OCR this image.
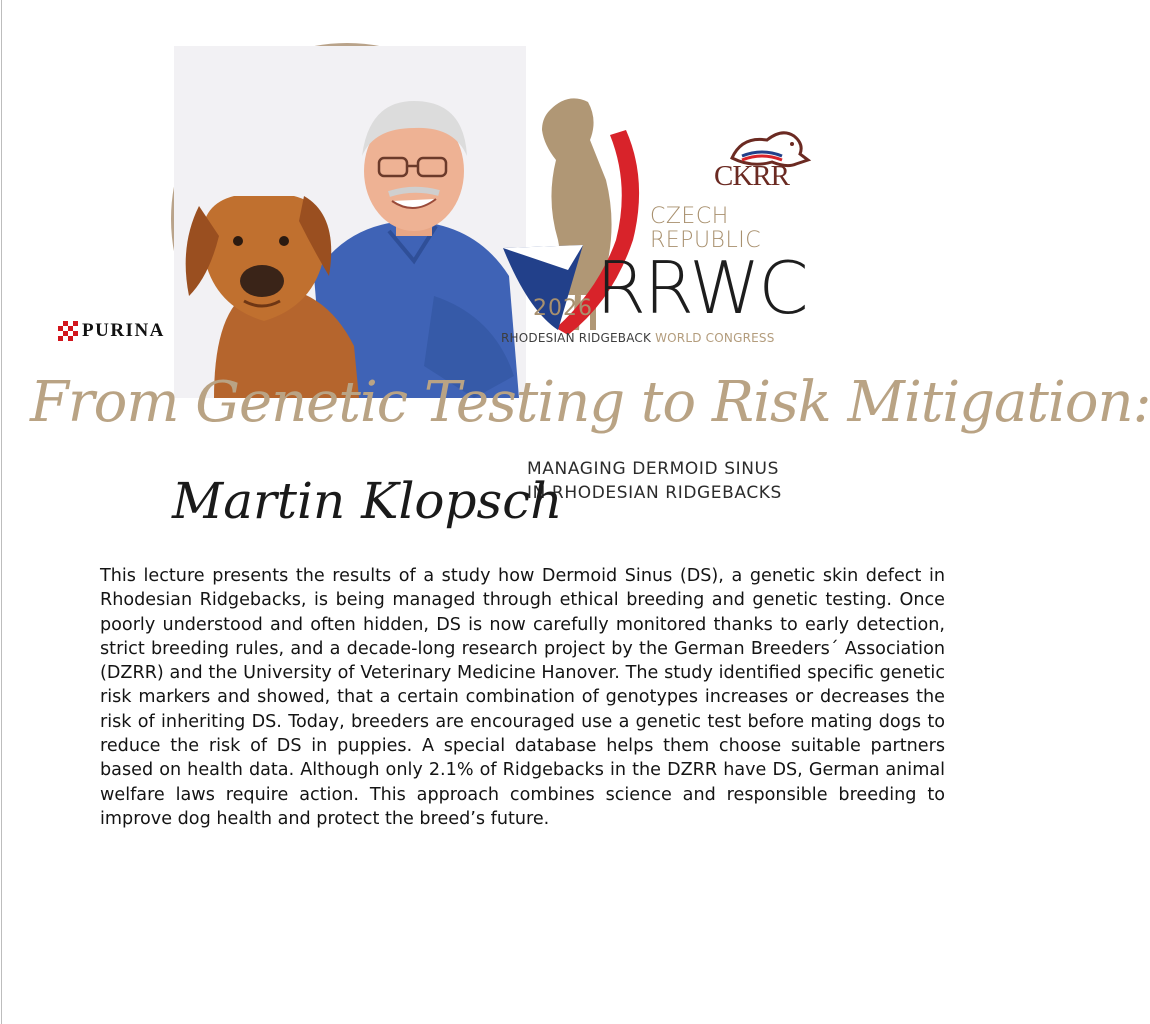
PURINA
CZECH
REPUBLIC
RRWC
2026
RHODESIAN RIDGEBACK WORLD CONGRESS
CKRR
From Genetic Testing to Risk Mitigation:
MANAGING DERMOID SINUS
IN RHODESIAN RIDGEBACKS
Martin Klopsch
This lecture presents the results of a study how Dermoid Sinus (DS), a genetic skin defect in Rhodesian Ridgebacks, is being managed through ethical breeding and genetic testing. Once poorly understood and often hidden, DS is now carefully monitored thanks to early detection, strict breeding rules, and a decade-long research project by the German Breeders´ Association (DZRR) and the University of Veterinary Medicine Hanover. The study identified specific genetic risk markers and showed, that a certain combination of genotypes increases or decreases the risk of inheriting DS. Today, breeders are encouraged use a genetic test before mating dogs to reduce the risk of DS in puppies. A special database helps them choose suitable partners based on health data. Although only 2.1% of Ridgebacks in the DZRR have DS, German animal welfare laws require action. This approach combines science and responsible breeding to improve dog health and protect the breed’s future.
